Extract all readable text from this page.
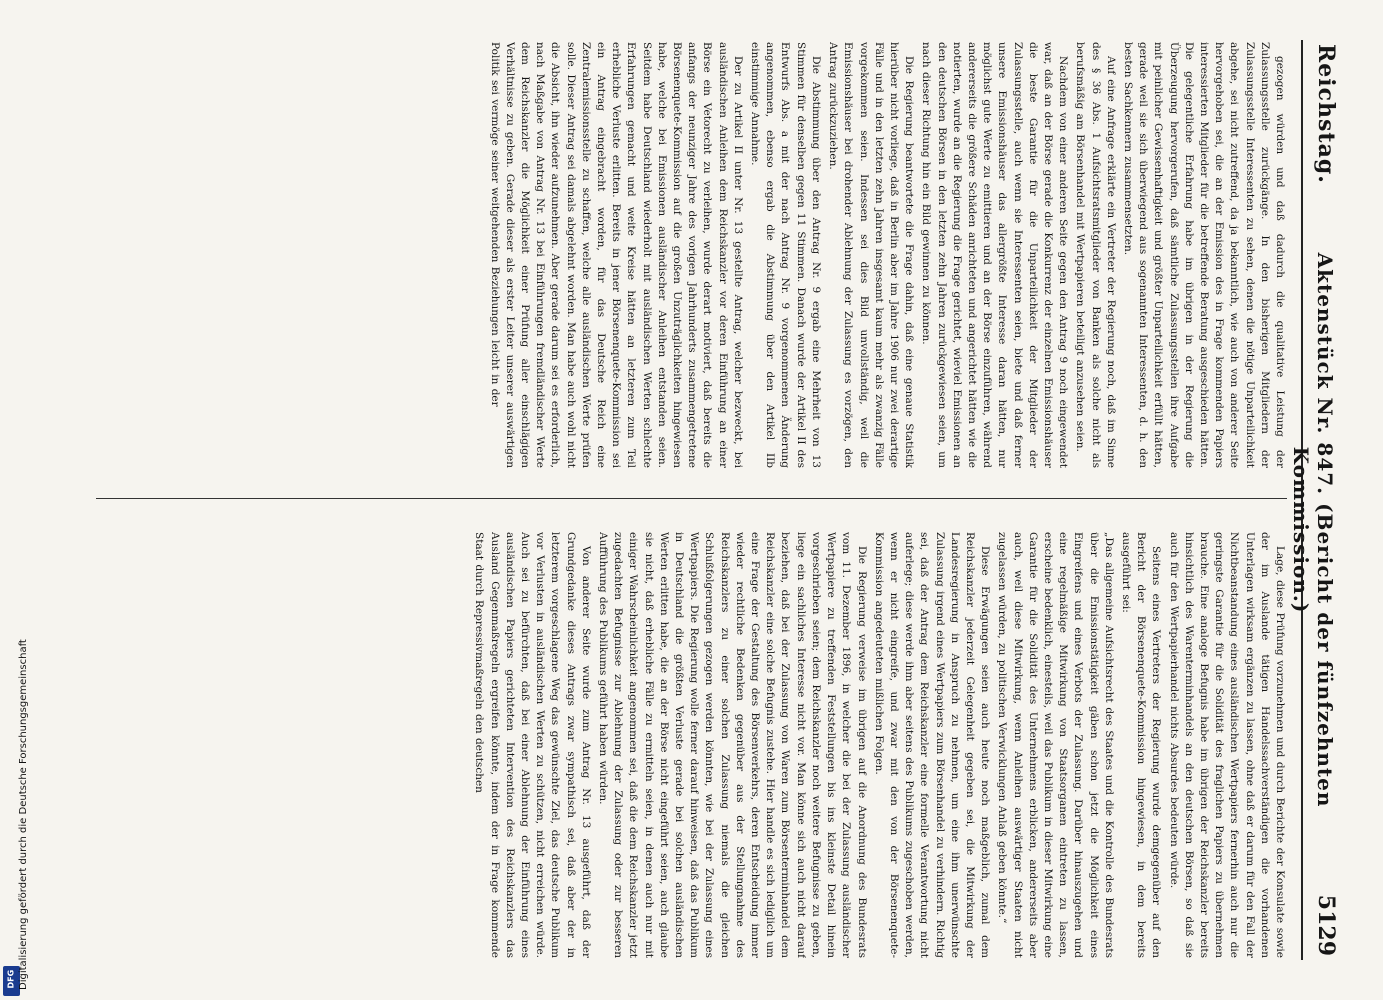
Reichstag.
Aktenstück Nr. 847. (Bericht der fünfzehnten Kommission.)
5129

gezogen würden und daß dadurch die qualitative Leistung der Zulassungsstelle zurückgänge. In den bisherigen Mitgliedern der Zulassungsstelle Interessenten zu sehen, denen die nötige Unparteilichkeit abgehe, sei nicht zutreffend, da ja bekanntlich, wie auch von anderer Seite hervorgehoben sei, die an der Emission des in Frage kommenden Papiers interessierten Mitglieder für die betreffende Beratung ausgeschieden hätten. Die gelegentliche Erfahrung habe im übrigen in der Regierung die Überzeugung hervorgerufen, daß sämtliche Zulassungsstellen ihre Aufgabe mit peinlicher Gewissenhaftigkeit und größter Unparteilichkeit erfüllt hätten, gerade weil sie sich überwiegend aus sogenannten Interessenten, d. h. den besten Sachkennern zusammensetzten.

Auf eine Anfrage erklärte ein Vertreter der Regierung noch, daß im Sinne des § 36 Abs. 1 Aufsichtsratsmitglieder von Banken als solche nicht als berufsmäßig am Börsenhandel mit Wertpapieren beteiligt anzusehen seien.

Nachdem von einer anderen Seite gegen den Antrag 9 noch eingewendet war, daß an der Börse gerade die Konkurrenz der einzelnen Emissionshäuser die beste Garantie für die Unparteilichkeit der Mitglieder der Zulassungsstelle, auch wenn sie Interessenten seien, biete und daß ferner unsere Emissionshäuser das allergrößte Interesse daran hätten, nur möglichst gute Werte zu emittieren und an der Börse einzuführen, während andererseits die größere Schäden anrichteten und angerichtet hätten wie die notierten, wurde an die Regierung die Frage gerichtet, wieviel Emissionen an den deutschen Börsen in den letzten zehn Jahren zurückgewiesen seien, um nach dieser Richtung hin ein Bild gewinnen zu können.

Die Regierung beantwortete die Frage dahin, daß eine genaue Statistik hierüber nicht vorliege, daß in Berlin aber im Jahre 1906 nur zwei derartige Fälle und in den letzten zehn Jahren insgesamt kaum mehr als zwanzig Fälle vorgekommen seien. Indessen sei dies Bild unvollständig, weil die Emissionshäuser bei drohender Ablehnung der Zulassung es vorzögen, den Antrag zurückzuziehen.

Die Abstimmung über den Antrag Nr. 9 ergab eine Mehrheit von 13 Stimmen für denselben gegen 11 Stimmen. Danach wurde der Artikel II des Entwurfs Abs. a mit der nach Antrag Nr. 9 vorgenommenen Änderung angenommen, ebenso ergab die Abstimmung über den Artikel IIb einstimmige Annahme.

Der zu Artikel II unter Nr. 13 gestellte Antrag, welcher bezweckt, bei ausländischen Anleihen dem Reichskanzler vor deren Einführung an einer Börse ein Vetorecht zu verleihen, wurde derart motiviert, daß bereits die anfangs der neunziger Jahre des vorigen Jahrhunderts zusammengetretene Börsenenquete-Kommission auf die großen Unzuträglichkeiten hingewiesen habe, welche bei Emissionen ausländischer Anleihen entstanden seien. Seitdem habe Deutschland wiederholt mit ausländischen Werten schlechte Erfahrungen gemacht und weite Kreise hätten an letzteren zum Teil erhebliche Verluste erlitten. Bereits in jener Börsenenquete-Kommission sei ein Antrag eingebracht worden, für das Deutsche Reich eine Zentralemissionsstelle zu schaffen, welche alle ausländischen Werte prüfen solle. Dieser Antrag sei damals abgelehnt worden. Man habe auch wohl nicht die Absicht, ihn wieder aufzunehmen. Aber gerade darum sei es erforderlich, nach Maßgabe von Antrag Nr. 13 bei Einführungen fremdländischer Werte dem Reichskanzler die Möglichkeit einer Prüfung aller einschlägigen Verhältnisse zu geben. Gerade dieser als erster Leiter unserer auswärtigen Politik sei vermöge seiner weitgehenden Beziehungen leicht in der

Lage, diese Prüfung vorzunehmen und durch Berichte der Konsulate sowie der im Auslande tätigen Handelssachverständigen die vorhandenen Unterlagen wirksam ergänzen zu lassen, ohne daß er darum für den Fall der Nichtbeanstandung eines ausländischen Wertpapiers fernerhin auch nur die geringste Garantie für die Solidität des fraglichen Papiers zu übernehmen brauche. Eine analoge Befugnis habe im übrigen der Reichskanzler bereits hinsichtlich des Warenterminhandels an den deutschen Börsen, so daß sie auch für den Wertpapierhandel nichts Absurdes bedeuten würde.

Seitens eines Vertreters der Regierung wurde demgegenüber auf den Bericht der Börsenenquete-Kommission hingewiesen, in dem bereits ausgeführt sei:

„Das allgemeine Aufsichtsrecht des Staates und die Kontrolle des Bundesrats über die Emissionstätigkeit gäben schon jetzt die Möglichkeit eines Eingreifens und eines Verbots der Zulassung. Darüber hinauszugehen und eine regelmäßige Mitwirkung von Staatsorganen eintreten zu lassen, erscheine bedenklich, einesteils, weil das Publikum in dieser Mitwirkung eine Garantie für die Solidität des Unternehmens erblicken, andererseits aber auch, weil diese Mitwirkung, wenn Anleihen auswärtiger Staaten nicht zugelassen würden, zu politischen Verwicklungen Anlaß geben könnte.“

Diese Erwägungen seien auch heute noch maßgeblich, zumal dem Reichskanzler jederzeit Gelegenheit gegeben sei, die Mitwirkung der Landesregierung in Anspruch zu nehmen, um eine ihm unerwünschte Zulassung irgend eines Wertpapiers zum Börsenhandel zu verhindern. Richtig sei, daß der Antrag dem Reichskanzler eine formelle Verantwortung nicht auferlege; diese werde ihm aber seitens des Publikums zugeschoben werden, wenn er nicht eingreife, und zwar mit den von der Börsenenquete-Kommission angedeuteten mißlichen Folgen.

Die Regierung verweise im übrigen auf die Anordnung des Bundesrats vom 11. Dezember 1896, in welcher die bei der Zulassung ausländischer Wertpapiere zu treffenden Feststellungen bis ins kleinste Detail hinein vorgeschrieben seien; dem Reichskanzler noch weitere Befugnisse zu geben, liege ein sachliches Interesse nicht vor. Man könne sich auch nicht darauf beziehen, daß bei der Zulassung von Waren zum Börsenterminhandel dem Reichskanzler eine solche Befugnis zustehe. Hier handle es sich lediglich um eine Frage der Gestaltung des Börsenverkehrs, deren Entscheidung immer wieder rechtliche Bedenken gegenüber aus der Stellungnahme des Reichskanzlers zu einer solchen Zulassung niemals die gleichen Schlußfolgerungen gezogen werden könnten, wie bei der Zulassung eines Wertpapiers. Die Regierung wolle ferner darauf hinweisen, daß das Publikum in Deutschland die größten Verluste gerade bei solchen ausländischen Werten erlitten habe, die an der Börse nicht eingeführt seien, auch glaube sie nicht, daß erhebliche Fälle zu ermitteln seien, in denen auch nur mit einiger Wahrscheinlichkeit angenommen sei, daß die dem Reichskanzler jetzt zugedachten Befugnisse zur Ablehnung der Zulassung oder zur besseren Aufführung des Publikums geführt haben würden.

Von anderer Seite wurde zum Antrag Nr. 13 ausgeführt, daß der Grundgedanke dieses Antrags zwar sympathisch sei, daß aber der in letzterem vorgeschlagene Weg das gewünschte Ziel, das deutsche Publikum vor Verlusten in ausländischen Werten zu schützen, nicht erreichen würde. Auch sei zu befürchten, daß bei einer Ablehnung der Einführung eines ausländischen Papiers gerichteten Intervention des Reichskanzlers das Ausland Gegenmaßregeln ergreifen könnte, indem der in Frage kommende Staat durch Repressivmaßregeln den deutschen

DFG Digitalisierung gefördert durch die Deutsche Forschungsgemeinschaft
